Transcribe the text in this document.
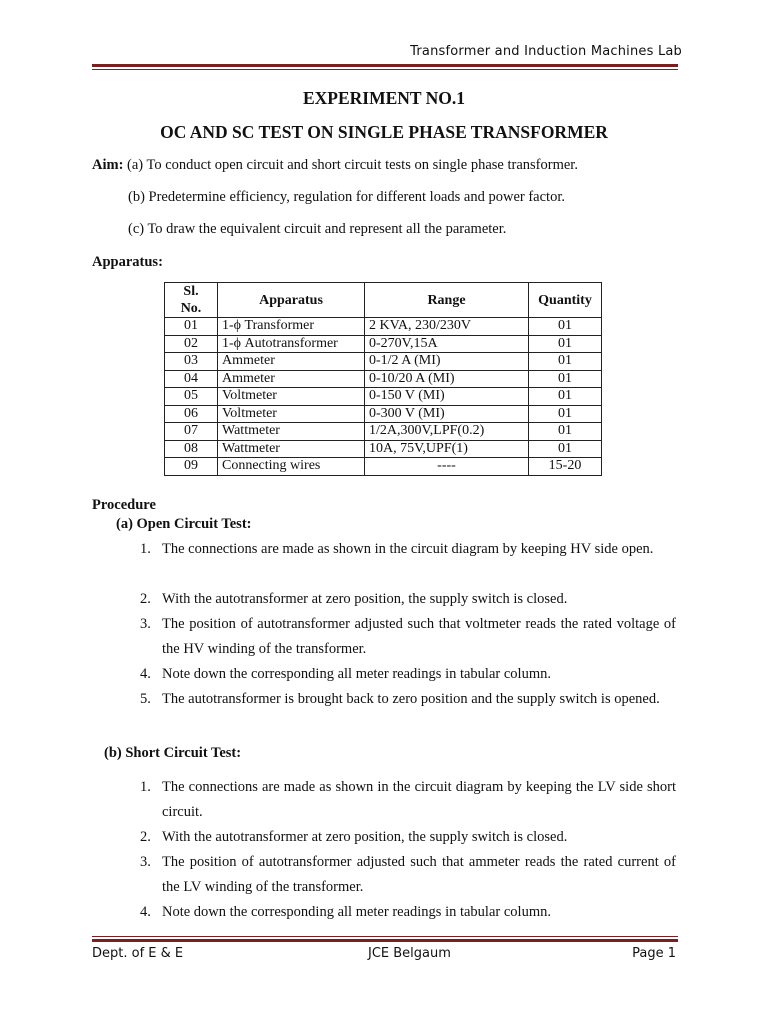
Transformer and Induction Machines Lab
EXPERIMENT NO.1
OC AND SC TEST ON SINGLE PHASE TRANSFORMER
Aim: (a) To conduct open circuit and short circuit tests on single phase transformer.
(b) Predetermine efficiency, regulation for different loads and power factor.
(c) To draw the equivalent circuit and represent all the parameter.
Apparatus:
Sl.
No.	Apparatus	Range	Quantity
01	1-ϕ Transformer	2 KVA, 230/230V	01
02	1-ϕ Autotransformer	0-270V,15A	01
03	Ammeter	0-1/2 A (MI)	01
04	Ammeter	0-10/20 A (MI)	01
05	Voltmeter	0-150 V (MI)	01
06	Voltmeter	0-300 V (MI)	01
07	Wattmeter	1/2A,300V,LPF(0.2)	01
08	Wattmeter	10A, 75V,UPF(1)	01
09	Connecting wires	----	15-20
Procedure
(a) Open Circuit Test:
1. The connections are made as shown in the circuit diagram by keeping HV side open.
2. With the autotransformer at zero position, the supply switch is closed.
3. The position of autotransformer adjusted such that voltmeter reads the rated voltage of the HV winding of the transformer.
4. Note down the corresponding all meter readings in tabular column.
5. The autotransformer is brought back to zero position and the supply switch is opened.
(b) Short Circuit Test:
1. The connections are made as shown in the circuit diagram by keeping the LV side short circuit.
2. With the autotransformer at zero position, the supply switch is closed.
3. The position of autotransformer adjusted such that ammeter reads the rated current of the LV winding of the transformer.
4. Note down the corresponding all meter readings in tabular column.
Dept. of E & E	JCE Belgaum	Page 1
